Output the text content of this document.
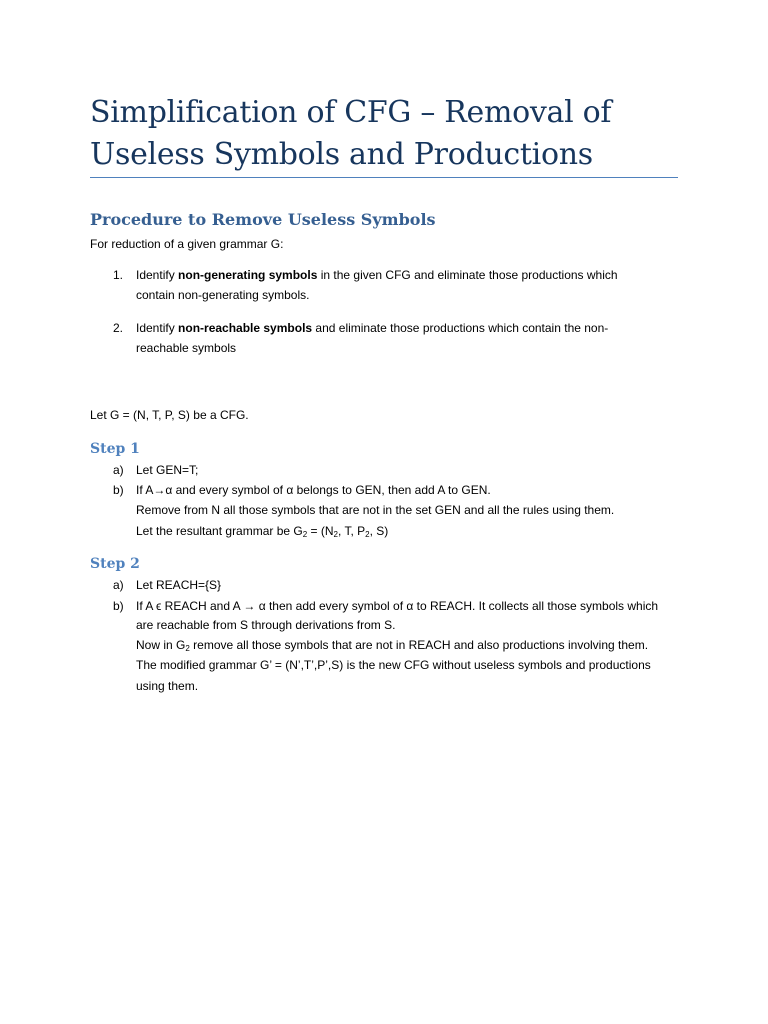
Simplification of CFG – Removal of
Useless Symbols and Productions
Procedure to Remove Useless Symbols

For reduction of a given grammar G:

1. Identify non-generating symbols in the given CFG and eliminate those productions which

contain non-generating symbols.

2. Identify non-reachable symbols and eliminate those productions which contain the non-

reachable symbols

Let G = (N, T, P, S) be a CFG.

Step 1
a) Let GEN=T;

b) If A→α and every symbol of α belongs to GEN, then add A to GEN.

Remove from N all those symbols that are not in the set GEN and all the rules using them.

Let the resultant grammar be $G_2 = (N_2$, T, $P_2$, S)

Step 2
a) Let REACH={S}

b) If A ϵ REACH and A → α then add every symbol of α to REACH. It collects all those symbols which

are reachable from S through derivations from S.

Now in $G_2$ remove all those symbols that are not in REACH and also productions involving them.

The modified grammar G’ = (N’,T’,P’,S) is the new CFG without useless symbols and productions

using them.
